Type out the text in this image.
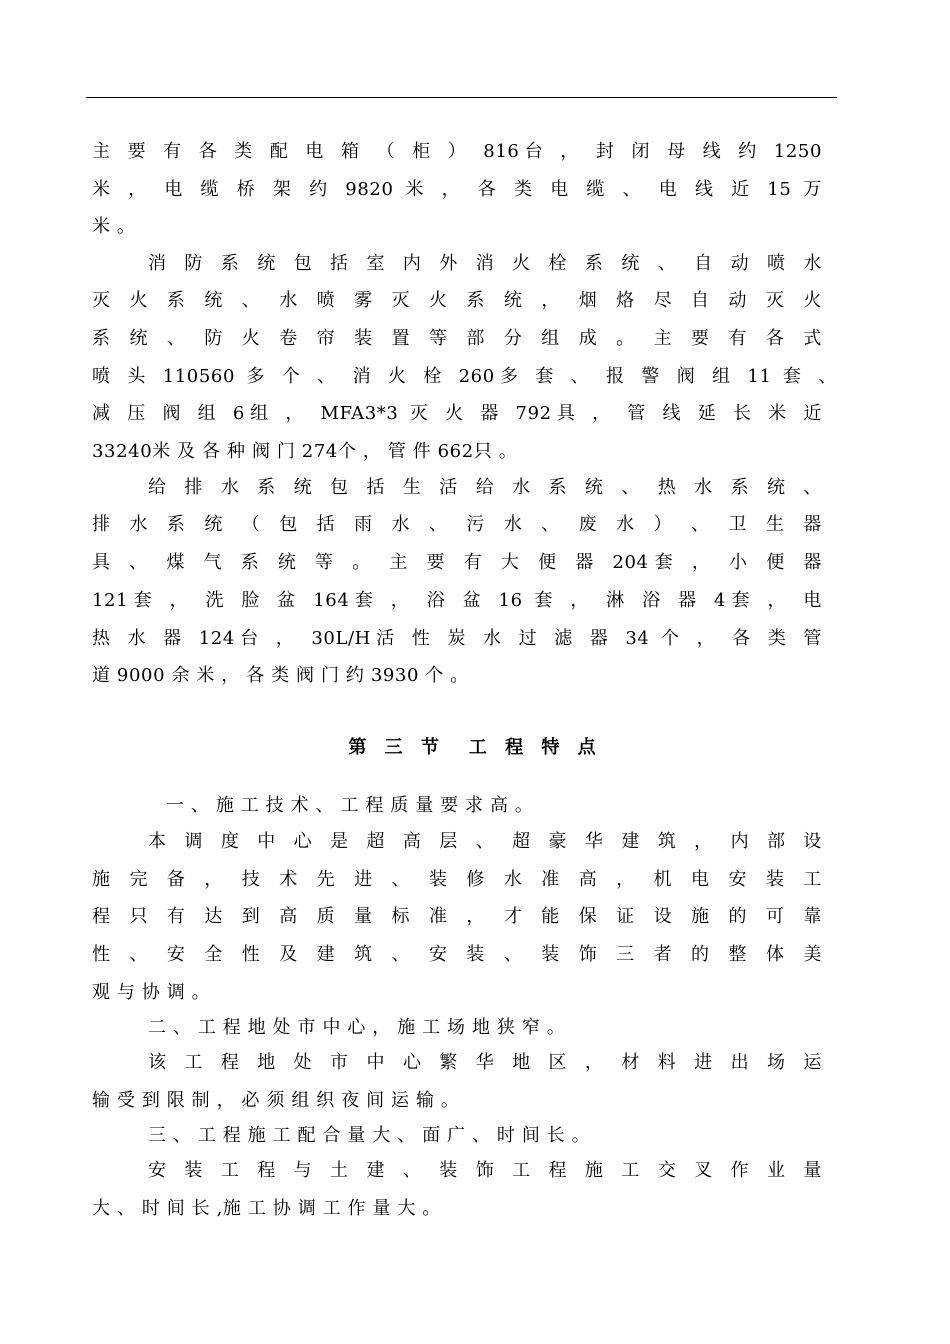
主 要 有 各 类 配 电 箱 （ 柜 ） 816台 ， 封 闭 母 线 约 1250
米 ， 电 缆 桥 架 约 9820 米 ， 各 类 电 缆 、 电 线 近 15 万
米 。
消 防 系 统 包 括 室 内 外 消 火 栓 系 统 、 自 动 喷 水
灭 火 系 统 、 水 喷 雾 灭 火 系 统 ， 烟 烙 尽 自 动 灭 火
系 统 、 防 火 卷 帘 装 置 等 部 分 组 成 。 主 要 有 各 式
喷 头 110560 多 个 、 消 火 栓 260多 套 、 报 警 阀 组 11 套 、
减 压 阀 组 6组 ， MFA3*3 灭 火 器 792具 ， 管 线 延 长 米 近
33240米 及 各 种 阀 门 274个 ， 管 件 662只 。
给 排 水 系 统 包 括 生 活 给 水 系 统 、 热 水 系 统 、
排 水 系 统 （ 包 括 雨 水 、 污 水 、 废 水 ） 、 卫 生 器
具 、 煤 气 系 统 等 。 主 要 有 大 便 器 204套 ， 小 便 器
121套 ， 洗 脸 盆 164套 ， 浴 盆 16 套 ， 淋 浴 器 4套 ， 电
热 水 器 124台 ， 30L/H活 性 炭 水 过 滤 器 34 个 ， 各 类 管
道 9000 余 米 ， 各 类 阀 门 约 3930 个 。
第 三 节　工 程 特 点
一 、 施 工 技 术 、 工 程 质 量 要 求 高 。
本 调 度 中 心 是 超 高 层 、 超 豪 华 建 筑 ， 内 部 设
施 完 备 ， 技 术 先 进 、 装 修 水 准 高 ， 机 电 安 装 工
程 只 有 达 到 高 质 量 标 准 ， 才 能 保 证 设 施 的 可 靠
性 、 安 全 性 及 建 筑 、 安 装 、 装 饰 三 者 的 整 体 美
观 与 协 调 。
二 、 工 程 地 处 市 中 心 ， 施 工 场 地 狭 窄 。
该 工 程 地 处 市 中 心 繁 华 地 区 ， 材 料 进 出 场 运
输 受 到 限 制 ， 必 须 组 织 夜 间 运 输 。
三 、 工 程 施 工 配 合 量 大 、 面 广 、 时 间 长 。
安 装 工 程 与 土 建 、 装 饰 工 程 施 工 交 叉 作 业 量
大 、 时 间 长 ,施 工 协 调 工 作 量 大 。
